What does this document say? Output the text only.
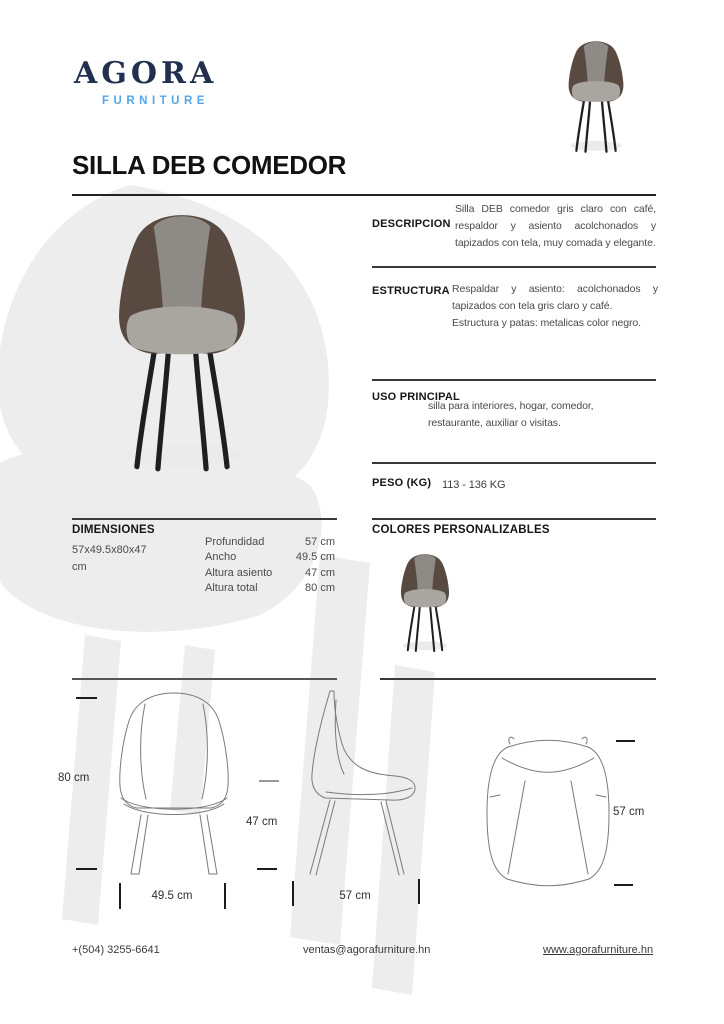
AGORA
FURNITURE
SILLA DEB COMEDOR
DESCRIPCION
Silla DEB comedor gris claro con café, respaldor y asiento acolchonados y tapizados con tela, muy comada y elegante.
ESTRUCTURA Respaldar y asiento: acolchonados y tapizados con tela gris claro y café.
Estructura y patas: metalicas color negro.
USO PRINCIPAL
silla para interiores, hogar, comedor, restaurante, auxiliar o visitas.
PESO (KG) 113 - 136 KG
DIMENSIONES
57x49.5x80x47 cm
Profundidad	57 cm
Ancho	49.5 cm
Altura asiento	47 cm
Altura total	80 cm
COLORES PERSONALIZABLES
80 cm
49.5 cm
47 cm
57 cm
57 cm
+(504) 3255-6641	ventas@agorafurniture.hn	www.agorafurniture.hn
